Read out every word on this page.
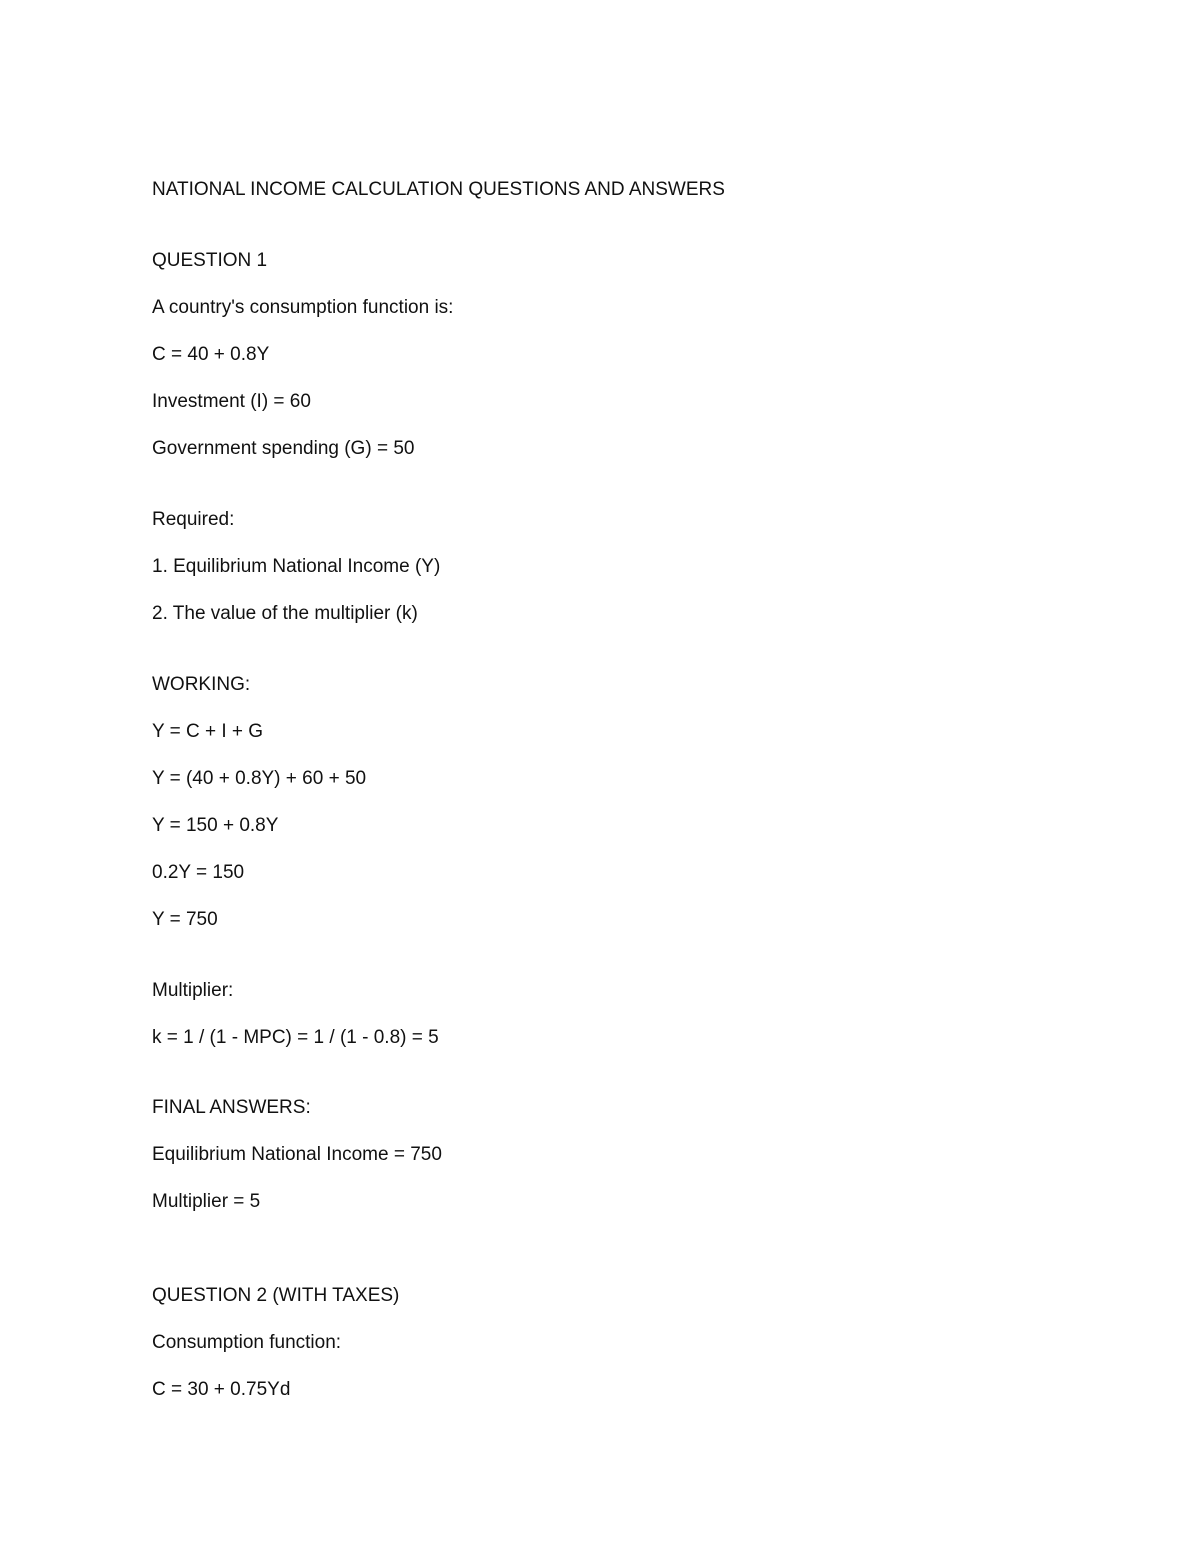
NATIONAL INCOME CALCULATION QUESTIONS AND ANSWERS

QUESTION 1

A country's consumption function is:

C = 40 + 0.8Y

Investment (I) = 60

Government spending (G) = 50

Required:

1. Equilibrium National Income (Y)

2. The value of the multiplier (k)

WORKING:

Y = C + I + G

Y = (40 + 0.8Y) + 60 + 50

Y = 150 + 0.8Y

0.2Y = 150

Y = 750

Multiplier:

k = 1 / (1 - MPC) = 1 / (1 - 0.8) = 5

FINAL ANSWERS:

Equilibrium National Income = 750

Multiplier = 5

QUESTION 2 (WITH TAXES)

Consumption function:

C = 30 + 0.75Yd
